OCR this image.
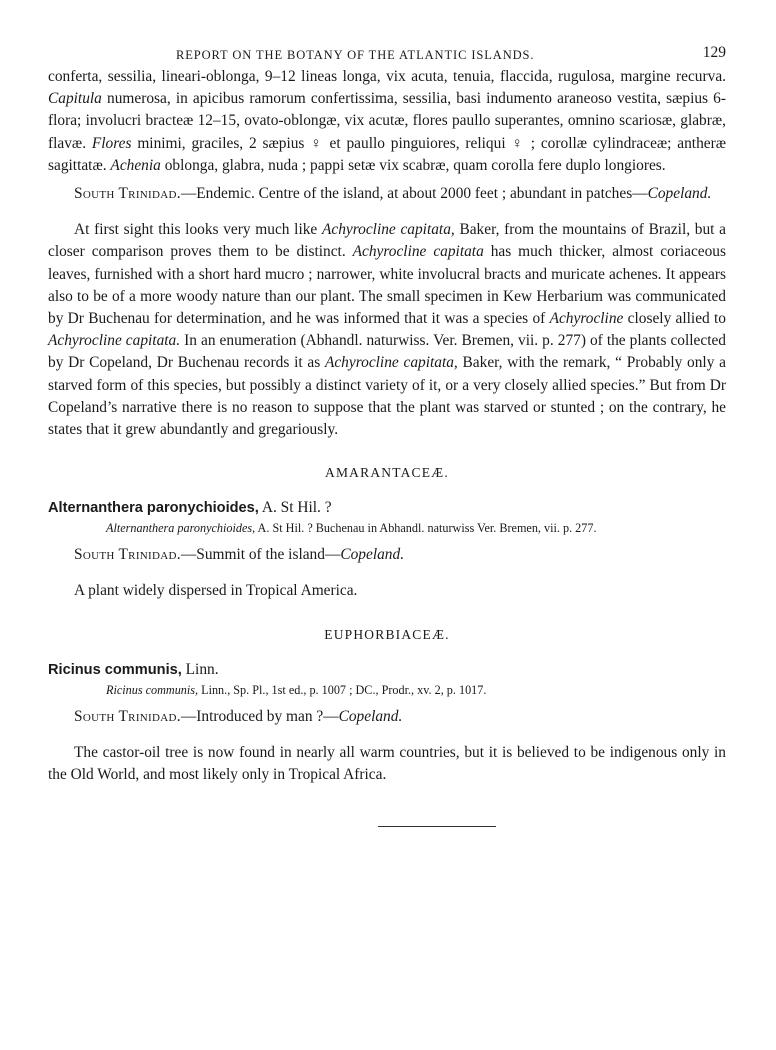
REPORT ON THE BOTANY OF THE ATLANTIC ISLANDS.	129

conferta, sessilia, lineari-oblonga, 9–12 lineas longa, vix acuta, tenuia, flaccida, rugulosa, margine recurva. Capitula numerosa, in apicibus ramorum confertissima, sessilia, basi indumento araneoso vestita, sæpius 6-flora; involucri bracteæ 12–15, ovato-oblongæ, vix acutæ, flores paullo superantes, omnino scariosæ, glabræ, flavæ. Flores minimi, graciles, 2 sæpius ♀ et paullo pinguiores, reliqui ♀ ; corollæ cylindraceæ; antheræ sagittatæ. Achenia oblonga, glabra, nuda ; pappi setæ vix scabræ, quam corolla fere duplo longiores.

South Trinidad.—Endemic. Centre of the island, at about 2000 feet ; abundant in patches—Copeland.

At first sight this looks very much like Achyrocline capitata, Baker, from the mountains of Brazil, but a closer comparison proves them to be distinct. Achyrocline capitata has much thicker, almost coriaceous leaves, furnished with a short hard mucro ; narrower, white involucral bracts and muricate achenes. It appears also to be of a more woody nature than our plant. The small specimen in Kew Herbarium was communicated by Dr Buchenau for determination, and he was informed that it was a species of Achyrocline closely allied to Achyrocline capitata. In an enumeration (Abhandl. naturwiss. Ver. Bremen, vii. p. 277) of the plants collected by Dr Copeland, Dr Buchenau records it as Achyrocline capitata, Baker, with the remark, “ Probably only a starved form of this species, but possibly a distinct variety of it, or a very closely allied species.” But from Dr Copeland’s narrative there is no reason to suppose that the plant was starved or stunted ; on the contrary, he states that it grew abundantly and gregariously.

AMARANTACEÆ.

Alternanthera paronychioides, A. St Hil. ?

Alternanthera paronychioides, A. St Hil. ? Buchenau in Abhandl. naturwiss Ver. Bremen, vii. p. 277.

South Trinidad.—Summit of the island—Copeland.

A plant widely dispersed in Tropical America.

EUPHORBIACEÆ.

Ricinus communis, Linn.

Ricinus communis, Linn., Sp. Pl., 1st ed., p. 1007 ; DC., Prodr., xv. 2, p. 1017.

South Trinidad.—Introduced by man ?—Copeland.

The castor-oil tree is now found in nearly all warm countries, but it is believed to be indigenous only in the Old World, and most likely only in Tropical Africa.
